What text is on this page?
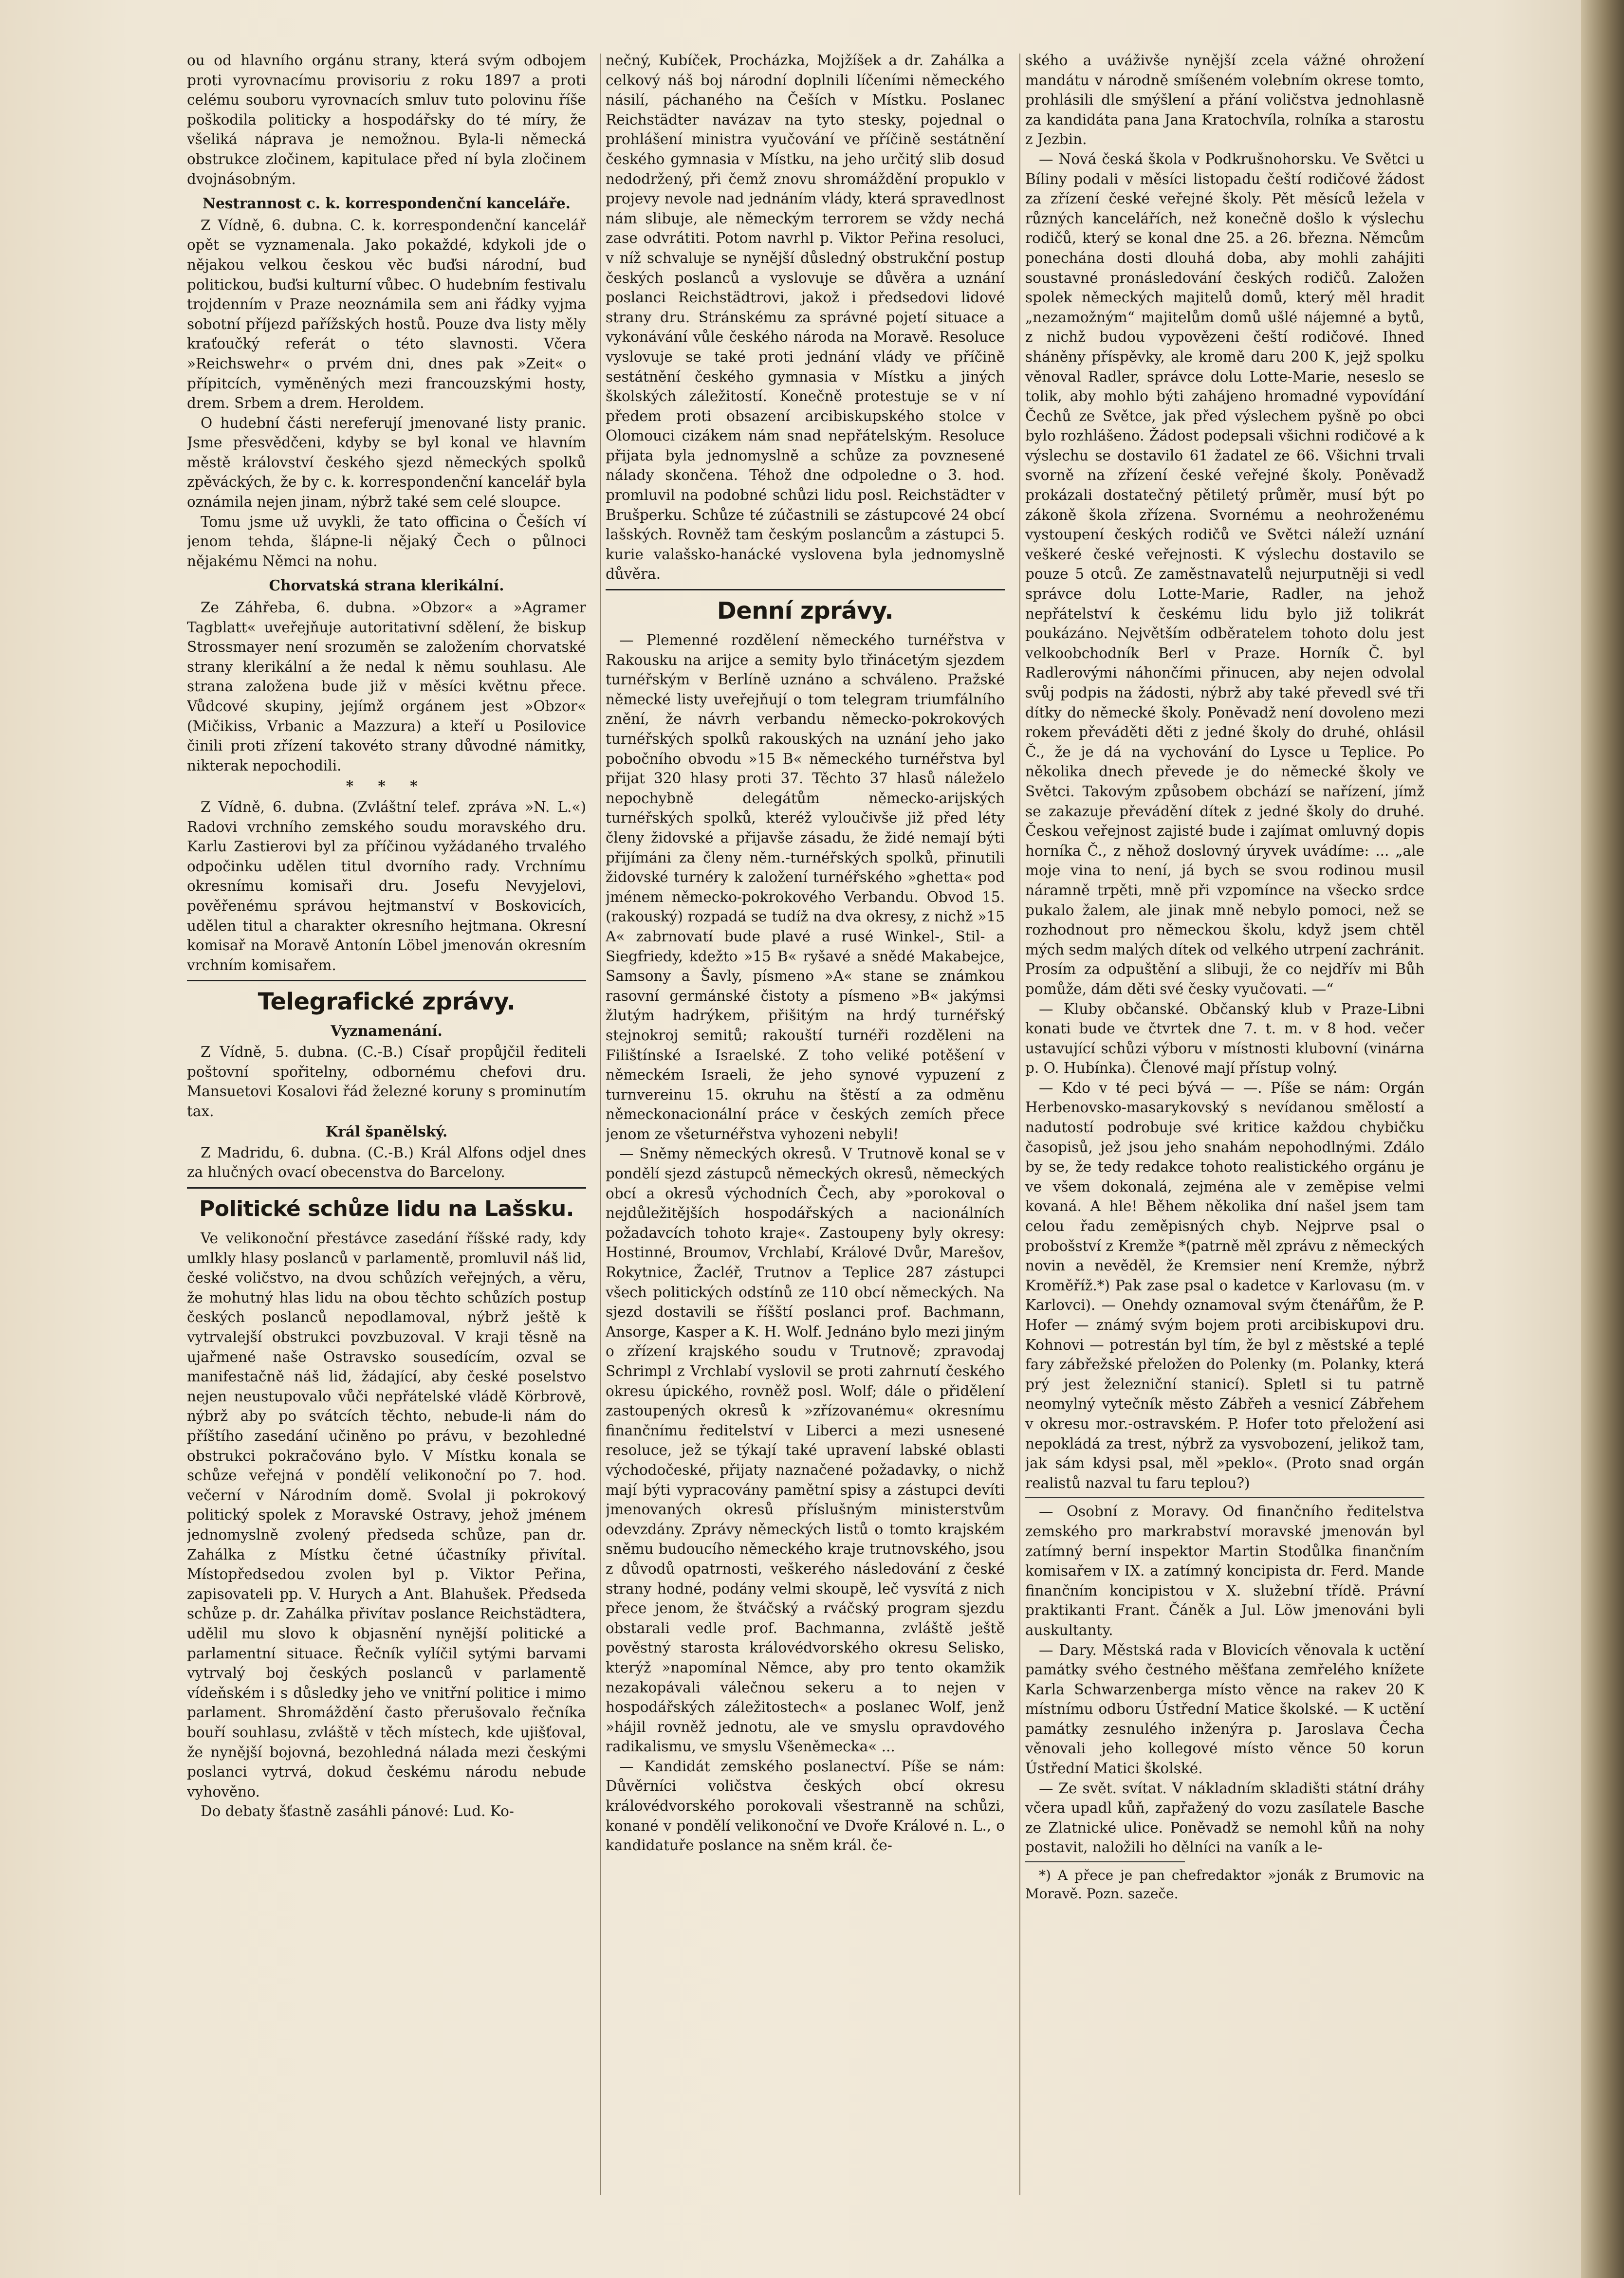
ou od hlavního orgánu strany, která svým odbojem proti vyrovnacímu provisoriu z roku 1897 a proti celému souboru vyrovnacích smluv tuto polovinu říše poškodila politicky a hospodářsky do té míry, že všeliká náprava je nemožnou. Byla-li německá obstrukce zločinem, kapitulace před ní byla zločinem dvojnásobným.

Nestrannost c. k. korrespondenční kanceláře.

Z Vídně, 6. dubna. C. k. korrespondenční kancelář opět se vyznamenala. Jako pokaždé, kdykoli jde o nějakou velkou českou věc buďsi národní, buď politickou, buďsi kulturní vůbec. O hudebním festivalu trojdenním v Praze neoznámila sem ani řádky vyjma sobotní příjezd pařížských hostů. Pouze dva listy měly kraťoučký referát o této slavnosti. Včera »Reichswehr« o prvém dni, dnes pak »Zeit« o přípitcích, vyměněných mezi francouzskými hosty, drem. Srbem a drem. Heroldem.

O hudební části nereferují jmenované listy pranic. Jsme přesvědčeni, kdyby se byl konal ve hlavním městě království českého sjezd německých spolků zpěváckých, že by c. k. korrespondenční kancelář byla oznámila nejen jinam, nýbrž také sem celé sloupce.

Tomu jsme už uvykli, že tato officina o Češích ví jenom tehda, šlápne-li nějaký Čech o půlnoci nějakému Němci na nohu.

Chorvatská strana klerikální.

Ze Záhřeba, 6. dubna. »Obzor« a »Agramer Tagblatt« uveřejňuje autoritativní sdělení, že biskup Strossmayer není srozuměn se založením chorvatské strany klerikální a že nedal k němu souhlasu. Ale strana založena bude již v měsíci květnu přece. Vůdcové skupiny, jejímž orgánem jest »Obzor« (Mičikiss, Vrbanic a Mazzura) a kteří u Posilovice činili proti zřízení takovéto strany důvodné námitky, nikterak nepochodili.

* * *

Z Vídně, 6. dubna. (Zvláštní telef. zpráva »N. L.«) Radovi vrchního zemského soudu moravského dru. Karlu Zastierovi byl za příčinou vyžádaného trvalého odpočinku udělen titul dvorního rady. Vrchnímu okresnímu komisaři dru. Josefu Nevyjelovi, pověřenému správou hejtmanství v Boskovicích, udělen titul a charakter okresního hejtmana. Okresní komisař na Moravě Antonín Löbel jmenován okresním vrchním komisařem.

Telegrafické zprávy.
Vyznamenání.

Z Vídně, 5. dubna. (C.-B.) Císař propůjčil řediteli poštovní spořitelny, odbornému chefovi dru. Mansuetovi Kosalovi řád železné koruny s prominutím tax.

Král španělský.

Z Madridu, 6. dubna. (C.-B.) Král Alfons odjel dnes za hlučných ovací obecenstva do Barcelony.

Politické schůze lidu na Lašsku.

Ve velikonoční přestávce zasedání říšské rady, kdy umlkly hlasy poslanců v parlamentě, promluvil náš lid, české voličstvo, na dvou schůzích veřejných, a věru, že mohutný hlas lidu na obou těchto schůzích postup českých poslanců nepodlamoval, nýbrž ještě k vytrvalejší obstrukci povzbuzoval. V kraji těsně na ujařmené naše Ostravsko sousedícím, ozval se manifestačně náš lid, žádající, aby české poselstvo nejen neustupovalo vůči nepřátelské vládě Körbrově, nýbrž aby po svátcích těchto, nebude-li nám do příštího zasedání učiněno po právu, v bezohledné obstrukci pokračováno bylo. V Místku konala se schůze veřejná v pondělí velikonoční po 7. hod. večerní v Národním domě. Svolal ji pokrokový politický spolek z Moravské Ostravy, jehož jménem jednomyslně zvolený předseda schůze, pan dr. Zahálka z Místku četné účastníky přivítal. Místopředsedou zvolen byl p. Viktor Peřina, zapisovateli pp. V. Hurych a Ant. Blahušek. Předseda schůze p. dr. Zahálka přivítav poslance Reichstädtera, udělil mu slovo k objasnění nynější politické a parlamentní situace. Řečník vylíčil sytými barvami vytrvalý boj českých poslanců v parlamentě vídeňském i s důsledky jeho ve vnitřní politice i mimo parlament. Shromáždění často přerušovalo řečníka bouří souhlasu, zvláště v těch místech, kde ujišťoval, že nynější bojovná, bezohledná nálada mezi českými poslanci vytrvá, dokud českému národu nebude vyhověno.

Do debaty šťastně zasáhli pánové: Lud. Ko-

nečný, Kubíček, Procházka, Mojžíšek a dr. Zahálka a celkový náš boj národní doplnili líčeními německého násilí, páchaného na Češích v Místku. Poslanec Reichstädter navázav na tyto stesky, pojednal o prohlášení ministra vyučování ve příčině sestátnění českého gymnasia v Místku, na jeho určitý slib dosud nedodržený, při čemž znovu shromáždění propuklo v projevy nevole nad jednáním vlády, která spravedlnost nám slibuje, ale německým terrorem se vždy nechá zase odvrátiti. Potom navrhl p. Viktor Peřina resoluci, v níž schvaluje se nynější důsledný obstrukční postup českých poslanců a vyslovuje se důvěra a uznání poslanci Reichstädtrovi, jakož i předsedovi lidové strany dru. Stránskému za správné pojetí situace a vykonávání vůle českého národa na Moravě. Resoluce vyslovuje se také proti jednání vlády ve příčině sestátnění českého gymnasia v Místku a jiných školských záležitostí. Konečně protestuje se v ní předem proti obsazení arcibiskupského stolce v Olomouci cizákem nám snad nepřátelským. Resoluce přijata byla jednomyslně a schůze za povznesené nálady skončena. Téhož dne odpoledne o 3. hod. promluvil na podobné schůzi lidu posl. Reichstädter v Brušperku. Schůze té zúčastnili se zástupcové 24 obcí lašských. Rovněž tam českým poslancům a zástupci 5. kurie valašsko-hanácké vyslovena byla jednomyslně důvěra.

Denní zprávy.

— Plemenné rozdělení německého turnéřstva v Rakousku na arijce a semity bylo třinácetým sjezdem turnéřským v Berlíně uznáno a schváleno. Pražské německé listy uveřejňují o tom telegram triumfálního znění, že návrh verbandu německo-pokrokových turnéřských spolků rakouských na uznání jeho jako pobočního obvodu »15 B« německého turnéřstva byl přijat 320 hlasy proti 37. Těchto 37 hlasů náleželo nepochybně delegátům německo-arijských turnéřských spolků, kteréž vyloučivše již před léty členy židovské a přijavše zásadu, že židé nemají býti přijímáni za členy něm.-turnéřských spolků, přinutili židovské turnéry k založení turnéřského »ghetta« pod jménem německo-pokrokového Verbandu. Obvod 15. (rakouský) rozpadá se tudíž na dva okresy, z nichž »15 A« zabrnovatí bude plavé a rusé Winkel-, Stil- a Siegfriedy, kdežto »15 B« ryšavé a snědé Makabejce, Samsony a Šavly, písmeno »A« stane se známkou rasovní germánské čistoty a písmeno »B« jakýmsi žlutým hadrýkem, přišitým na hrdý turnéřský stejnokroj semitů; rakouští turnéři rozděleni na Filištínské a Israelské. Z toho veliké potěšení v německém Israeli, že jeho synové vypuzení z turnvereinu 15. okruhu na štěstí a za odměnu německonacionální práce v českých zemích přece jenom ze všeturnéřstva vyhozeni nebyli!

— Sněmy německých okresů. V Trutnově konal se v pondělí sjezd zástupců německých okresů, německých obcí a okresů východních Čech, aby »porokoval o nejdůležitějších hospodářských a nacionálních požadavcích tohoto kraje«. Zastoupeny byly okresy: Hostinné, Broumov, Vrchlabí, Králové Dvůr, Marešov, Rokytnice, Žacléř, Trutnov a Teplice 287 zástupci všech politických odstínů ze 110 obcí německých. Na sjezd dostavili se říšští poslanci prof. Bachmann, Ansorge, Kasper a K. H. Wolf. Jednáno bylo mezi jiným o zřízení krajského soudu v Trutnově; zpravodaj Schrimpl z Vrchlabí vyslovil se proti zahrnutí českého okresu úpického, rovněž posl. Wolf; dále o přidělení zastoupených okresů k »zřízovanému« okresnímu finančnímu ředitelství v Liberci a mezi usnesené resoluce, jež se týkají také upravení labské oblasti východočeské, přijaty naznačené požadavky, o nichž mají býti vypracovány pamětní spisy a zástupci devíti jmenovaných okresů příslušným ministerstvům odevzdány. Zprávy německých listů o tomto krajském sněmu budoucího německého kraje trutnovského, jsou z důvodů opatrnosti, veškerého následování z české strany hodné, podány velmi skoupě, leč vysvítá z nich přece jenom, že štváčský a rváčský program sjezdu obstarali vedle prof. Bachmanna, zvláště ještě pověstný starosta královédvorského okresu Selisko, kterýž »napomínal Němce, aby pro tento okamžik nezakopávali válečnou sekeru a to nejen v hospodářských záležitostech« a poslanec Wolf, jenž »hájil rovněž jednotu, ale ve smyslu opravdového radikalismu, ve smyslu Všeněmecka« ...

— Kandidát zemského poslanectví. Píše se nám: Důvěrníci voličstva českých obcí okresu královédvorského porokovali všestranně na schůzi, konané v pondělí velikonoční ve Dvoře Králové n. L., o kandidatuře poslance na sněm král. če-

ského a uváživše nynější zcela vážné ohrožení mandátu v národně smíšeném volebním okrese tomto, prohlásili dle smýšlení a přání voličstva jednohlasně za kandidáta pana Jana Kratochvíla, rolníka a starostu z Jezbin.

— Nová česká škola v Podkrušnohorsku. Ve Světci u Bíliny podali v měsíci listopadu čeští rodičové žádost za zřízení české veřejné školy. Pět měsíců ležela v různých kancelářích, než konečně došlo k výslechu rodičů, který se konal dne 25. a 26. března. Němcům ponechána dosti dlouhá doba, aby mohli zahájiti soustavné pronásledování českých rodičů. Založen spolek německých majitelů domů, který měl hradit „nezamožným“ majitelům domů ušlé nájemné a bytů, z nichž budou vypovězeni čeští rodičové. Ihned sháněny příspěvky, ale kromě daru 200 K, jejž spolku věnoval Radler, správce dolu Lotte-Marie, neseslo se tolik, aby mohlo býti zahájeno hromadné vypovídání Čechů ze Světce, jak před výslechem pyšně po obci bylo rozhlášeno. Žádost podepsali všichni rodičové a k výslechu se dostavilo 61 žadatel ze 66. Všichni trvali svorně na zřízení české veřejné školy. Poněvadž prokázali dostatečný pětiletý průměr, musí být po zákoně škola zřízena. Svornému a neohroženému vystoupení českých rodičů ve Světci náleží uznání veškeré české veřejnosti. K výslechu dostavilo se pouze 5 otců. Ze zaměstnavatelů nejurputněji si vedl správce dolu Lotte-Marie, Radler, na jehož nepřátelství k českému lidu bylo již tolikrát poukázáno. Největším odběratelem tohoto dolu jest velkoobchodník Berl v Praze. Horník Č. byl Radlerovými náhončími přinucen, aby nejen odvolal svůj podpis na žádosti, nýbrž aby také převedl své tři dítky do německé školy. Poněvadž není dovoleno mezi rokem převáděti děti z jedné školy do druhé, ohlásil Č., že je dá na vychování do Lysce u Teplice. Po několika dnech převede je do německé školy ve Světci. Takovým způsobem obchází se nařízení, jímž se zakazuje převádění dítek z jedné školy do druhé. Českou veřejnost zajisté bude i zajímat omluvný dopis horníka Č., z něhož doslovný úryvek uvádíme: ... „ale moje vina to není, já bych se svou rodinou musil náramně trpěti, mně při vzpomínce na všecko srdce pukalo žalem, ale jinak mně nebylo pomoci, než se rozhodnout pro německou školu, když jsem chtěl mých sedm malých dítek od velkého utrpení zachránit. Prosím za odpuštění a slibuji, že co nejdřív mi Bůh pomůže, dám děti své česky vyučovati. —“

— Kluby občanské. Občanský klub v Praze-Libni konati bude ve čtvrtek dne 7. t. m. v 8 hod. večer ustavující schůzi výboru v místnosti klubovní (vinárna p. O. Hubínka). Členové mají přístup volný.

— Kdo v té peci bývá — —. Píše se nám: Orgán Herbenovsko-masarykovský s nevídanou smělostí a nadutostí podrobuje své kritice každou chybičku časopisů, jež jsou jeho snahám nepohodlnými. Zdálo by se, že tedy redakce tohoto realistického orgánu je ve všem dokonalá, zejména ale v zeměpise velmi kovaná. A hle! Během několika dní našel jsem tam celou řadu zeměpisných chyb. Nejprve psal o probošství z Kremže *(patrně měl zprávu z německých novin a nevěděl, že Kremsier není Kremže, nýbrž Kroměříž.*) Pak zase psal o kadetce v Karlovasu (m. v Karlovci). — Onehdy oznamoval svým čtenářům, že P. Hofer — známý svým bojem proti arcibiskupovi dru. Kohnovi — potrestán byl tím, že byl z městské a teplé fary zábřežské přeložen do Polenky (m. Polanky, která prý jest železniční stanicí). Spletl si tu patrně neomylný vytečník město Zábřeh a vesnicí Zábřehem v okresu mor.-ostravském. P. Hofer toto přeložení asi nepokládá za trest, nýbrž za vysvobození, jelikož tam, jak sám kdysi psal, měl »peklo«. (Proto snad orgán realistů nazval tu faru teplou?)

— Osobní z Moravy. Od finančního ředitelstva zemského pro markrabství moravské jmenován byl zatímný berní inspektor Martin Stodůlka finančním komisařem v IX. a zatímný koncipista dr. Ferd. Mande finančním koncipistou v X. služební třídě. Právní praktikanti Frant. Čáněk a Jul. Löw jmenováni byli auskultanty.

— Dary. Městská rada v Blovicích věnovala k uctění památky svého čestného měšťana zemřelého knížete Karla Schwarzenberga místo věnce na rakev 20 K místnímu odboru Ústřední Matice školské. — K uctění památky zesnulého inženýra p. Jaroslava Čecha věnovali jeho kollegové místo věnce 50 korun Ústřední Matici školské.

— Ze svět. svítat. V nákladním skladišti státní dráhy včera upadl kůň, zapřažený do vozu zasílatele Basche ze Zlatnické ulice. Poněvadž se nemohl kůň na nohy postavit, naložili ho dělníci na vaník a le-

*) A přece je pan chefredaktor »jonák z Brumovic na Moravě. Pozn. sazeče.
